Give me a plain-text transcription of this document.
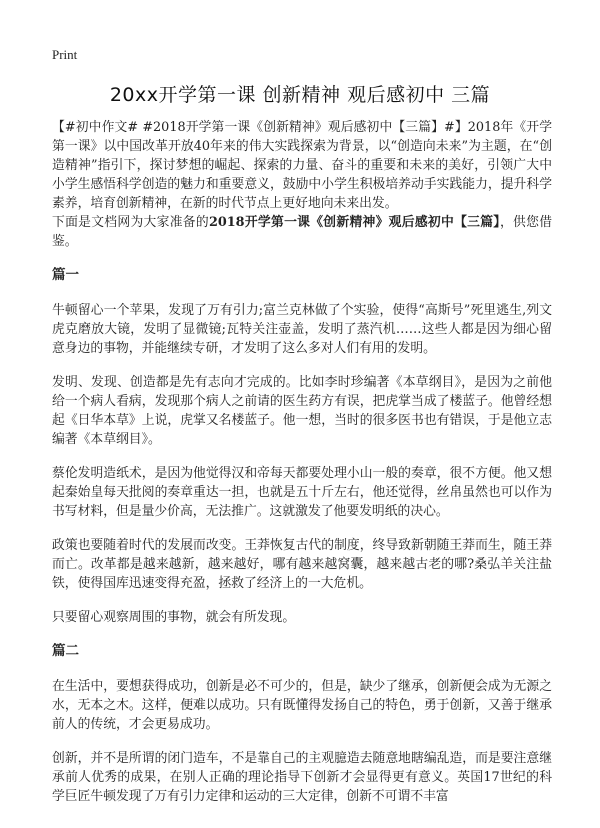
Print
20xx开学第一课 创新精神 观后感初中 三篇

【#初中作文# #2018开学第一课《创新精神》观后感初中【三篇】#】2018年《开学第一课》以中国改革开放40年来的伟大实践探索为背景，以“创造向未来”为主题，在“创造精神”指引下，探讨梦想的崛起、探索的力量、奋斗的重要和未来的美好，引领广大中小学生感悟科学创造的魅力和重要意义，鼓励中小学生积极培养动手实践能力，提升科学素养，培育创新精神，在新的时代节点上更好地向未来出发。

下面是文档网为大家准备的2018开学第一课《创新精神》观后感初中【三篇】，供您借鉴。

篇一

牛顿留心一个苹果，发现了万有引力;富兰克林做了个实验，使得“高斯号”死里逃生,列文虎克磨放大镜，发明了显微镜;瓦特关注壶盖，发明了蒸汽机……这些人都是因为细心留意身边的事物，并能继续专研，才发明了这么多对人们有用的发明。

发明、发现、创造都是先有志向才完成的。比如李时珍编著《本草纲目》，是因为之前他给一个病人看病，发现那个病人之前请的医生药方有误，把虎掌当成了楼蓝子。他曾经想起《日华本草》上说，虎掌又名楼蓝子。他一想，当时的很多医书也有错误，于是他立志编著《本草纲目》。

蔡伦发明造纸术，是因为他觉得汉和帝每天都要处理小山一般的奏章，很不方便。他又想起秦始皇每天批阅的奏章重达一担，也就是五十斤左右，他还觉得，丝帛虽然也可以作为书写材料，但是量少价高，无法推广。这就激发了他要发明纸的决心。

政策也要随着时代的发展而改变。王莽恢复古代的制度，终导致新朝随王莽而生，随王莽而亡。改革都是越来越新，越来越好，哪有越来越窝囊，越来越古老的哪?桑弘羊关注盐铁，使得国库迅速变得充盈，拯救了经济上的一大危机。

只要留心观察周围的事物，就会有所发现。

篇二

在生活中，要想获得成功，创新是必不可少的，但是，缺少了继承，创新便会成为无源之水，无本之木。这样，便难以成功。只有既懂得发扬自己的特色，勇于创新，又善于继承前人的传统，才会更易成功。

创新，并不是所谓的闭门造车，不是靠自己的主观臆造去随意地瞎编乱造，而是要注意继承前人优秀的成果，在别人正确的理论指导下创新才会显得更有意义。英国17世纪的科学巨匠牛顿发现了万有引力定律和运动的三大定律，创新不可谓不丰富
